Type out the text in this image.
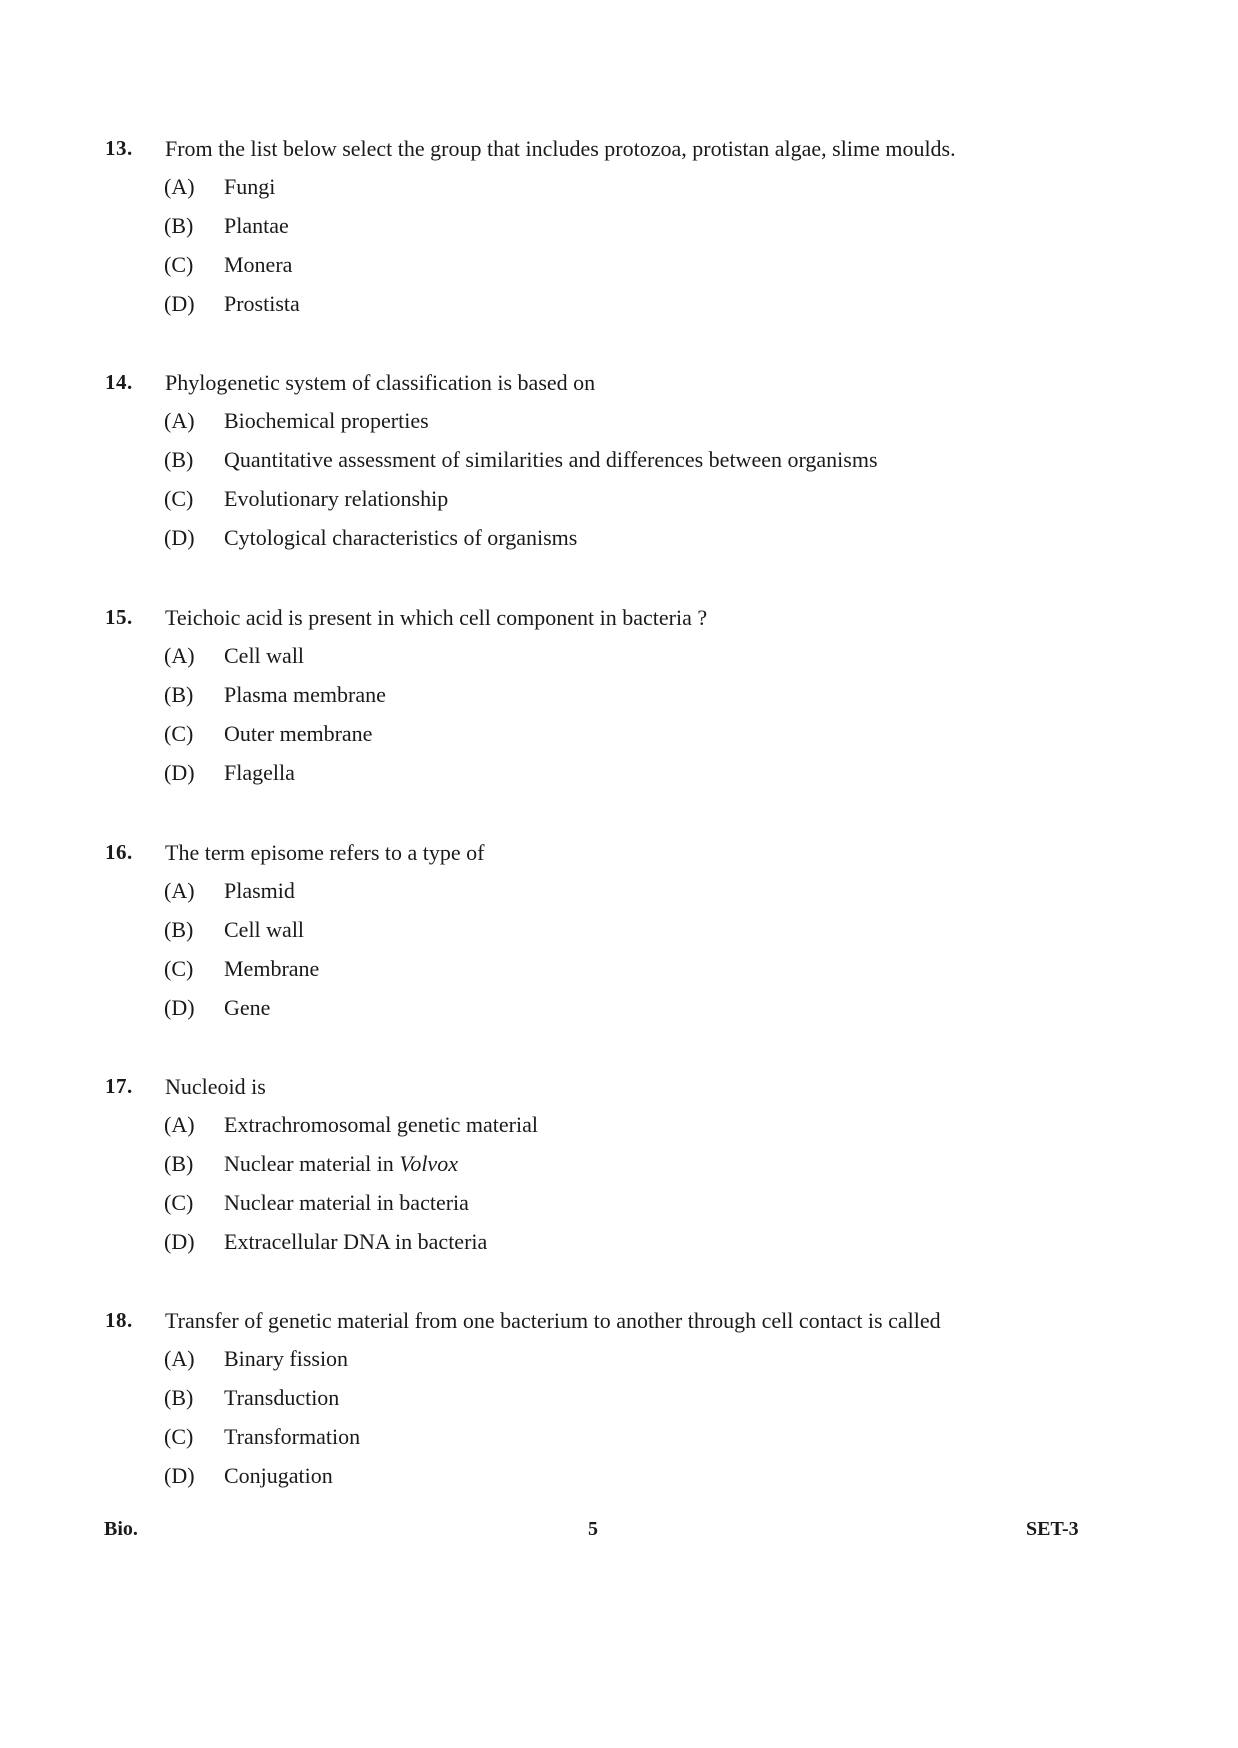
13. From the list below select the group that includes protozoa, protistan algae, slime moulds.
(A) Fungi
(B) Plantae
(C) Monera
(D) Prostista
14. Phylogenetic system of classification is based on
(A) Biochemical properties
(B) Quantitative assessment of similarities and differences between organisms
(C) Evolutionary relationship
(D) Cytological characteristics of organisms
15. Teichoic acid is present in which cell component in bacteria ?
(A) Cell wall
(B) Plasma membrane
(C) Outer membrane
(D) Flagella
16. The term episome refers to a type of
(A) Plasmid
(B) Cell wall
(C) Membrane
(D) Gene
17. Nucleoid is
(A) Extrachromosomal genetic material
(B) Nuclear material in Volvox
(C) Nuclear material in bacteria
(D) Extracellular DNA in bacteria
18. Transfer of genetic material from one bacterium to another through cell contact is called
(A) Binary fission
(B) Transduction
(C) Transformation
(D) Conjugation
Bio.	5	SET-3
